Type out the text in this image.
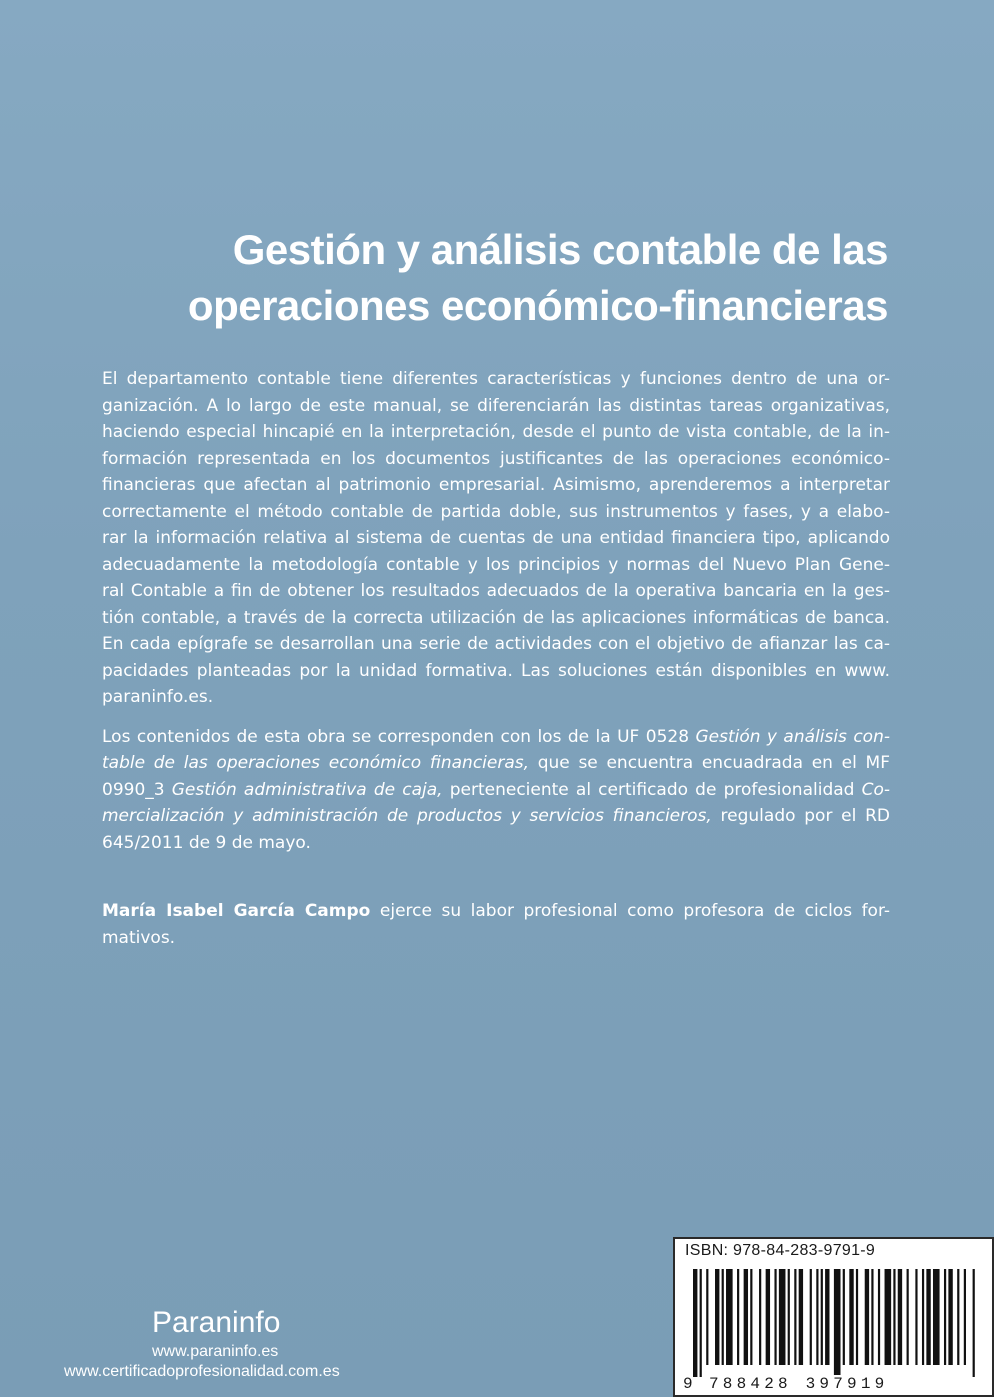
Gestión y análisis contable de las
operaciones económico-financieras
El departamento contable tiene diferentes características y funciones dentro de una or-
ganización. A lo largo de este manual, se diferenciarán las distintas tareas organizativas,
haciendo especial hincapié en la interpretación, desde el punto de vista contable, de la in-
formación representada en los documentos justificantes de las operaciones económico-
financieras que afectan al patrimonio empresarial. Asimismo, aprenderemos a interpretar
correctamente el método contable de partida doble, sus instrumentos y fases, y a elabo-
rar la información relativa al sistema de cuentas de una entidad financiera tipo, aplicando
adecuadamente la metodología contable y los principios y normas del Nuevo Plan Gene-
ral Contable a fin de obtener los resultados adecuados de la operativa bancaria en la ges-
tión contable, a través de la correcta utilización de las aplicaciones informáticas de banca.
En cada epígrafe se desarrollan una serie de actividades con el objetivo de afianzar las ca-
pacidades planteadas por la unidad formativa. Las soluciones están disponibles en www.
paraninfo.es.
Los contenidos de esta obra se corresponden con los de la UF 0528 Gestión y análisis con-
table de las operaciones económico financieras, que se encuentra encuadrada en el MF
0990_3 Gestión administrativa de caja, perteneciente al certificado de profesionalidad Co-
mercialización y administración de productos y servicios financieros, regulado por el RD
645/2011 de 9 de mayo.
María Isabel García Campo ejerce su labor profesional como profesora de ciclos for-
mativos.
Paraninfo
www.paraninfo.es
www.certificadoprofesionalidad.com.es
ISBN: 978-84-283-9791-9
9 788428 397919
